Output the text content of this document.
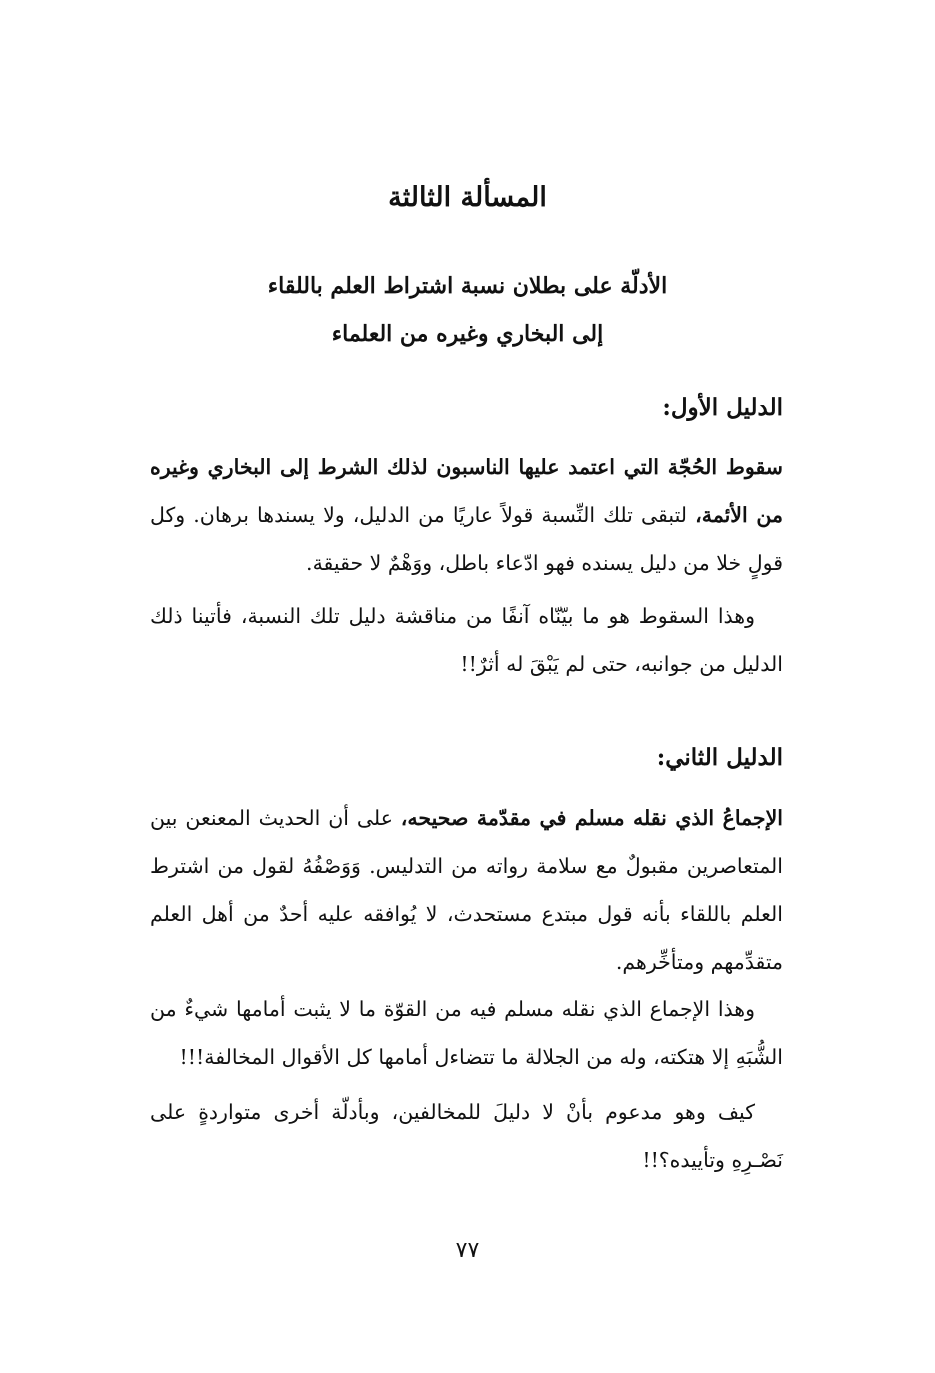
المسألة الثالثة
الأدلّة على بطلان نسبة اشتراط العلم باللقاء
إلى البخاري وغيره من العلماء
الدليل الأول:

سقوط الحُجّة التي اعتمد عليها الناسبون لذلك الشرط إلى البخاري وغيره من الأئمة، لتبقى تلك النِّسبة قولاً عاريًا من الدليل، ولا يسندها برهان. وكل قولٍ خلا من دليل يسنده فهو ادّعاء باطل، ووَهْمٌ لا حقيقة.

وهذا السقوط هو ما بيّنّاه آنفًا من مناقشة دليل تلك النسبة، فأتينا ذلك الدليل من جوانبه، حتى لم يَبْقَ له أثرٌ!!

الدليل الثاني:

الإجماعُ الذي نقله مسلم في مقدّمة صحيحه، على أن الحديث المعنعن بين المتعاصرين مقبولٌ مع سلامة رواته من التدليس. وَوَصْفُهُ لقول من اشترط العلم باللقاء بأنه قول مبتدع مستحدث، لا يُوافقه عليه أحدٌ من أهل العلم متقدِّمهم ومتأخِّرهم.

وهذا الإجماع الذي نقله مسلم فيه من القوّة ما لا يثبت أمامها شيءٌ من الشُّبَهِ إلا هتكته، وله من الجلالة ما تتضاءل أمامها كل الأقوال المخالفة!!!

كيف وهو مدعوم بأنْ لا دليلَ للمخالفين، وبأدلّة أخرى متواردةٍ على نَصْـرِهِ وتأييده؟!!

٧٧
